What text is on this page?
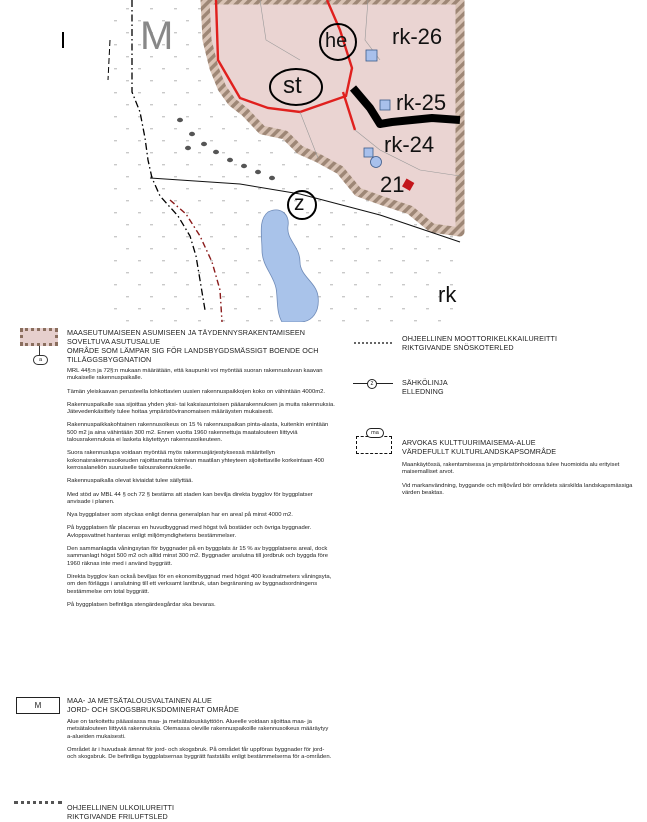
M	he
st
z
rk-26
rk-25
rk-24
21
rk
a
MAASEUTUMAISEEN ASUMISEEN JA TÄYDENNYSRAKENTAMISEEN
SOVELTUVA ASUTUSALUE
OMRÅDE SOM LÄMPAR SIG FÖR LANDSBYGDSMÄSSIGT BOENDE OCH
TILLÄGGSBYGGNATION

MRL 44§:n ja 72§:n mukaan määrätään, että kaupunki voi myöntää suoran rakennusluvan kaavan mukaiselle rakennuspaikalle.

Tämän yleiskaavan perusteella lohkottavien uusien rakennuspaikkojen koko on vähintään 4000m2.

Rakennuspaikalle saa sijoittaa yhden yksi- tai kaksiasuntoisen pääarakennuksen ja muita rakennuksia. Jätevedenkäsittely tulee hoitaa ympäristöviranomaisen määräysten mukaisesti.

Rakennuspaikkakohtainen rakennusoikeus on 15 % rakennuspaikan pinta-alasta, kuitenkin enintään 500 m2 ja aina vähintään 300 m2. Ennen vuotta 1960 rakennettuja maatalouteen liittyviä talousrakennuksia ei lasketa käytettyyn rakennusoikeuteen.

Suora rakennuslupa voidaan myöntää myös rakennusjärjestyksessä määritellyn kokonaisrakennusoikeuden rajoittamatta toimivan maatilan yhteyteen sijoitettaville korkeintaan 400 kerrosalaneliön suuruiselle talousrakennukselle.

Rakennuspaikalla olevat kiviaidat tulee säilyttää.

Med stöd av MBL 44 § och 72 § bestäms att staden kan bevilja direkta bygglov för byggplatser anvisade i planen.

Nya byggplatser som styckas enligt denna generalplan har en areal på minst 4000 m2.

På byggplatsen får placeras en huvudbyggnad med högst två bostäder och övriga byggnader. Avloppsvattnet hanteras enligt miljömyndighetens bestämmelser.

Den sammanlagda våningsytan för byggnader på en byggplats är 15 % av byggplatsens areal, dock sammanlagt högst 500 m2 och alltid minst 300 m2. Byggnader anslutna till jordbruk och byggda före 1960 räknas inte med i använd byggrätt.

Direkta bygglov kan också beviljas för en ekonomibyggnad med högst 400 kvadratmeters våningsyta, om den förläggs i anslutning till ett verksamt lantbruk, utan begränsning av byggnadsordningens bestämmelse om total byggrätt.

På byggplatsen befintliga stengärdesgårdar ska bevaras.

M
MAA- JA METSÄTALOUSVALTAINEN ALUE
JORD- OCH SKOGSBRUKSDOMINERAT OMRÅDE

Alue on tarkoitettu pääasiassa maa- ja metsätalouskäyttöön. Alueelle voidaan sijoittaa maa- ja metsätalouteen liittyviä rakennuksia. Olemassa oleville rakennuspaikoille rakennusoikeus määräytyy a-alueiden mukaisesti.

Området är i huvudsak ämnat för jord- och skogsbruk. På området får uppföras byggnader för jord- och skogsbruk. De befintliga byggplatsernas byggrätt fastställs enligt bestämmelserna för a-områden.

OHJEELLINEN ULKOILUREITTI
RIKTGIVANDE FRILUFTSLED
OHJEELLINEN MOOTTORIKELKKAILUREITTI
RIKTGIVANDE SNÖSKOTERLED
z	SÄHKÖLINJA
ELLEDNING
ma
ARVOKAS KULTTUURIMAISEMA-ALUE
VÄRDEFULLT KULTURLANDSKAPSOMRÅDE

Maankäytössä, rakentamisessa ja ympäristönhoidossa tulee huomioida alu erityiset maisemalliset arvot.

Vid markanvändning, byggande och miljövård bör områdets särskilda landskapsmässiga värden beaktas.
